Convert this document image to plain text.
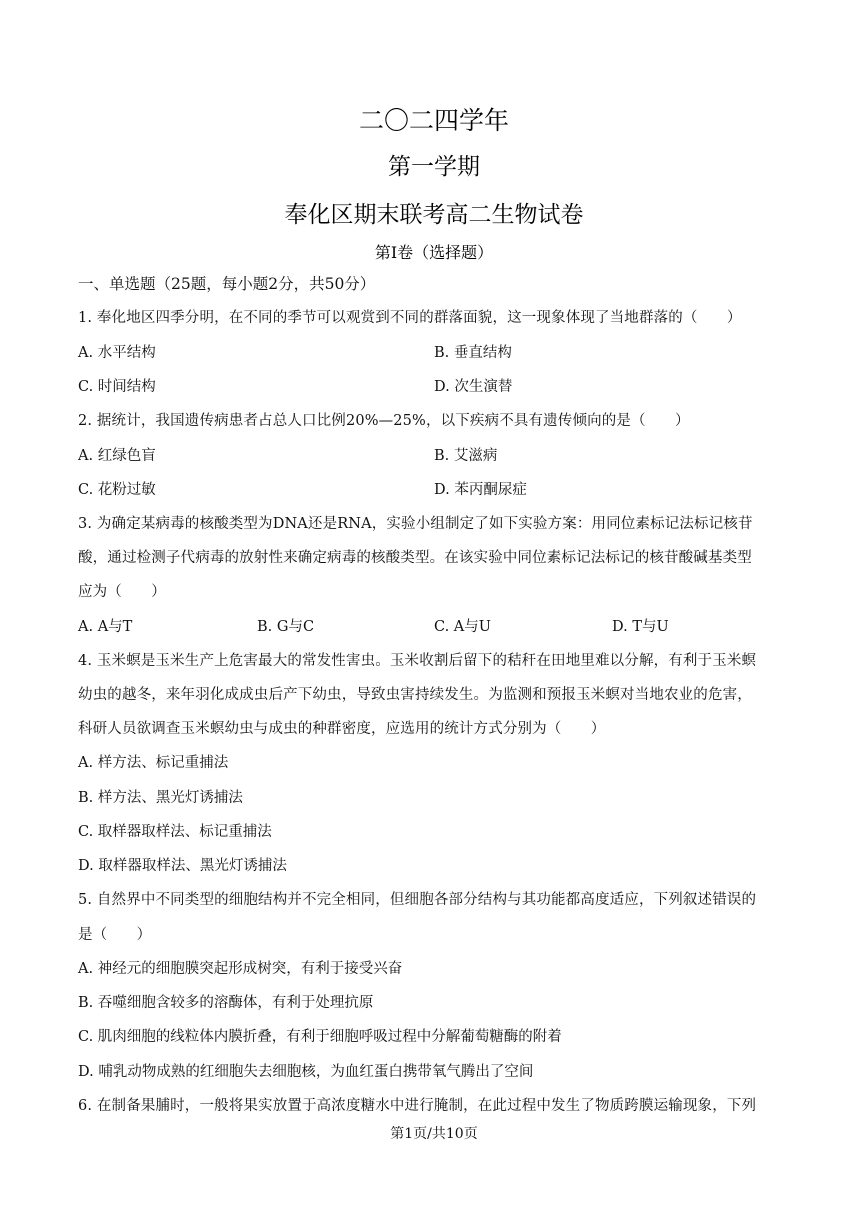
二〇二四学年
第一学期
奉化区期末联考高二生物试卷
第I卷（选择题）
一、单选题（25题，每小题2分，共50分）
1. 奉化地区四季分明，在不同的季节可以观赏到不同的群落面貌，这一现象体现了当地群落的（　　）
A. 水平结构	B. 垂直结构
C. 时间结构	D. 次生演替
2. 据统计，我国遗传病患者占总人口比例20%—25%，以下疾病不具有遗传倾向的是（　　）
A. 红绿色盲	B. 艾滋病
C. 花粉过敏	D. 苯丙酮尿症
3. 为确定某病毒的核酸类型为DNA还是RNA，实验小组制定了如下实验方案：用同位素标记法标记核苷
酸，通过检测子代病毒的放射性来确定病毒的核酸类型。在该实验中同位素标记法标记的核苷酸碱基类型
应为（　　）
A. A与T	B. G与C	C. A与U	D. T与U
4. 玉米螟是玉米生产上危害最大的常发性害虫。玉米收割后留下的秸秆在田地里难以分解，有利于玉米螟
幼虫的越冬，来年羽化成成虫后产下幼虫，导致虫害持续发生。为监测和预报玉米螟对当地农业的危害，
科研人员欲调查玉米螟幼虫与成虫的种群密度，应选用的统计方式分别为（　　）
A. 样方法、标记重捕法
B. 样方法、黑光灯诱捕法
C. 取样器取样法、标记重捕法
D. 取样器取样法、黑光灯诱捕法
5. 自然界中不同类型的细胞结构并不完全相同，但细胞各部分结构与其功能都高度适应，下列叙述错误的
是（　　）
A. 神经元的细胞膜突起形成树突，有利于接受兴奋
B. 吞噬细胞含较多的溶酶体，有利于处理抗原
C. 肌肉细胞的线粒体内膜折叠，有利于细胞呼吸过程中分解葡萄糖酶的附着
D. 哺乳动物成熟的红细胞失去细胞核，为血红蛋白携带氧气腾出了空间
6. 在制备果脯时，一般将果实放置于高浓度糖水中进行腌制，在此过程中发生了物质跨膜运输现象，下列
第1页/共10页
